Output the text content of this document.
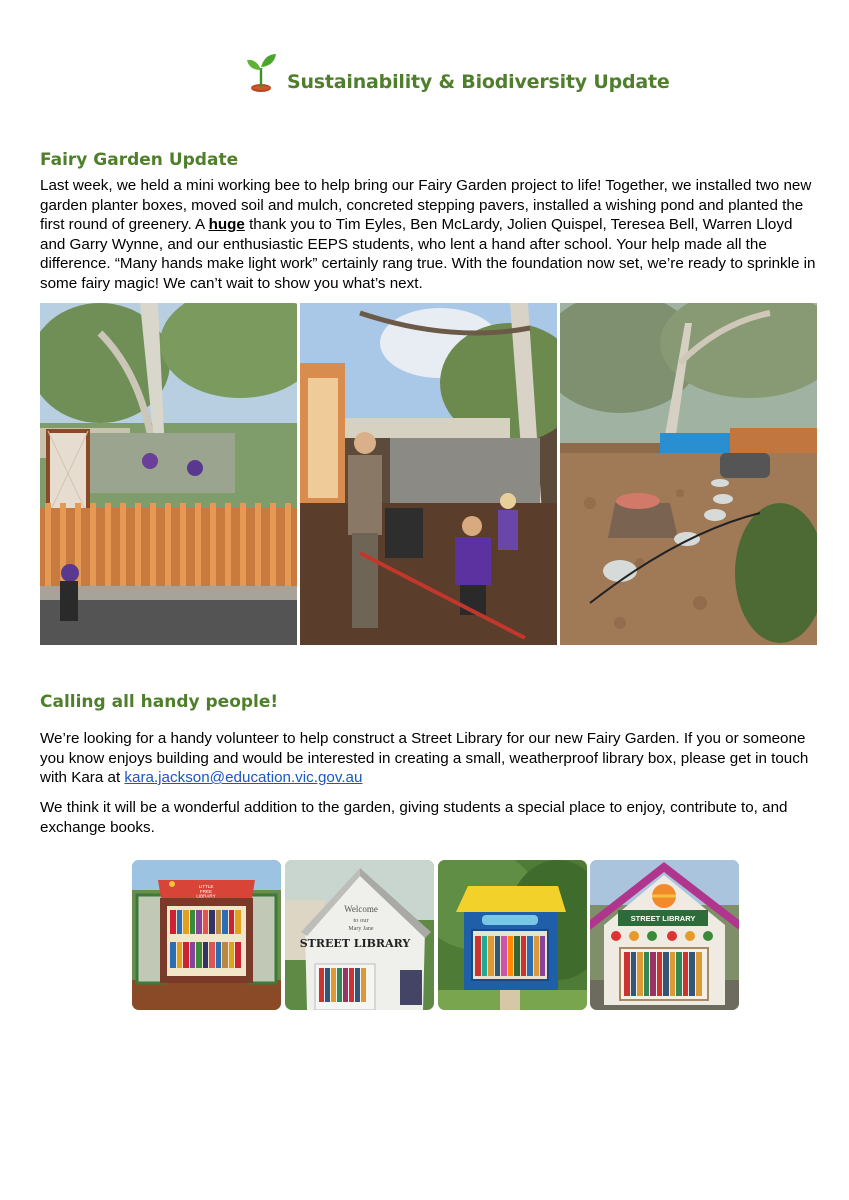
Sustainability & Biodiversity Update
Fairy Garden Update
Last week, we held a mini working bee to help bring our Fairy Garden project to life! Together, we installed two new garden planter boxes, moved soil and mulch, concreted stepping pavers, installed a wishing pond and planted the first round of greenery. A huge thank you to Tim Eyles, Ben McLardy, Jolien Quispel, Teresea Bell, Warren Lloyd and Garry Wynne, and our enthusiastic EEPS students, who lent a hand after school. Your help made all the difference. “Many hands make light work” certainly rang true. With the foundation now set, we’re ready to sprinkle in some fairy magic! We can’t wait to show you what’s next.
Calling all handy people!
We’re looking for a handy volunteer to help construct a Street Library for our new Fairy Garden. If you or someone you know enjoys building and would be interested in creating a small, weatherproof library box, please get in touch with Kara at kara.jackson@education.vic.gov.au
We think it will be a wonderful addition to the garden, giving students a special place to enjoy, contribute to, and exchange books.
LITTLE
FREE
LIBRARY
Welcome
to our
Mary Jane
STREET LIBRARY
STREET LIBRARY
